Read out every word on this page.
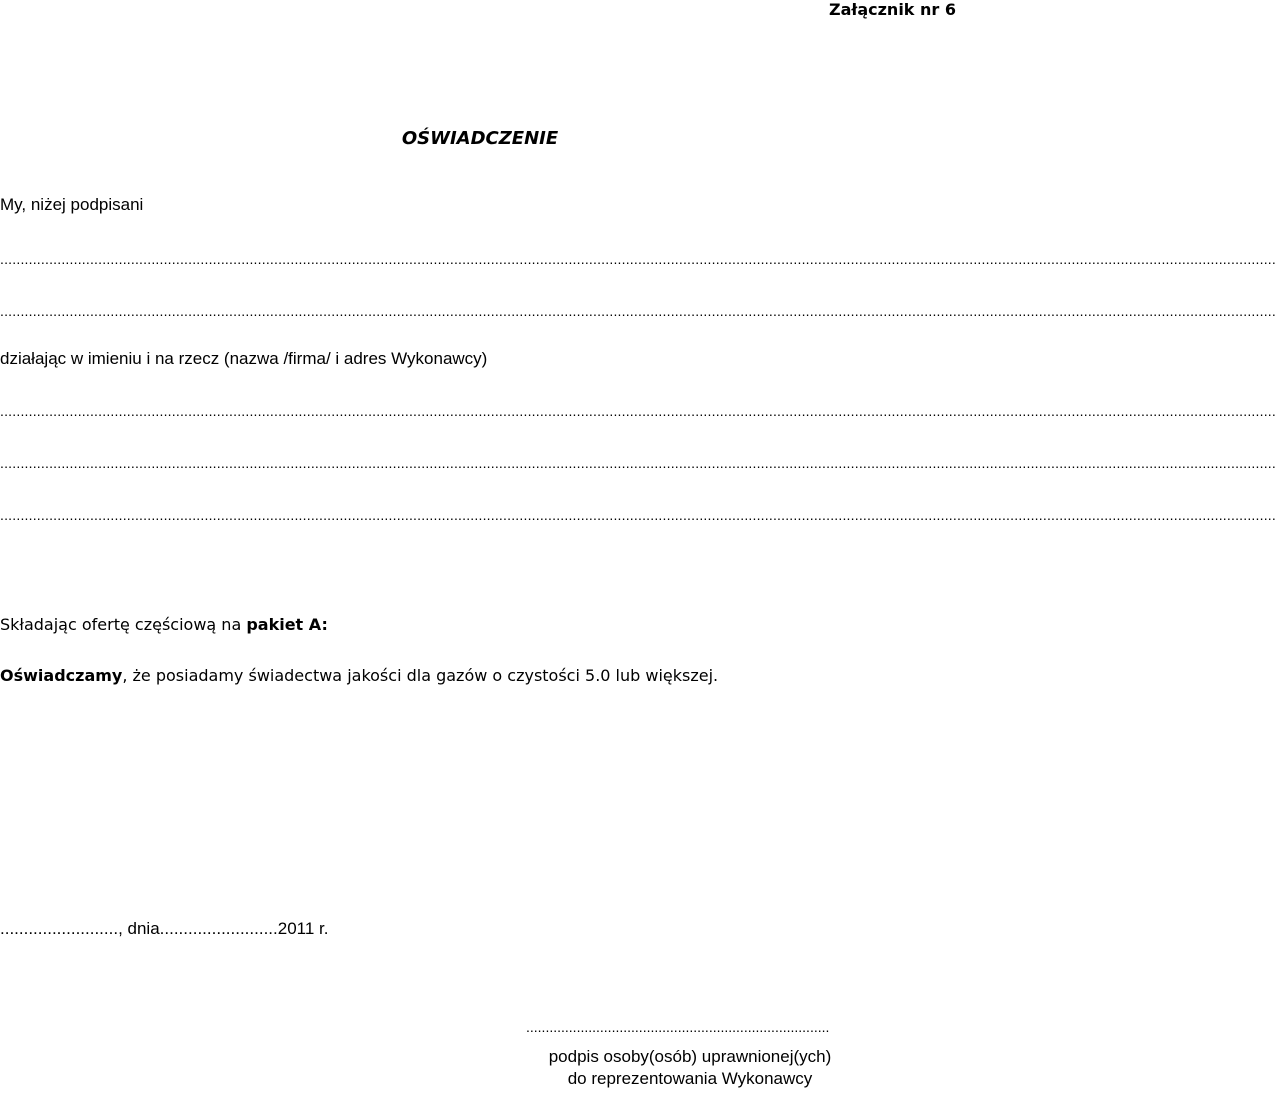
Załącznik nr 6
OŚWIADCZENIE
My, niżej podpisani
........................................................................................................................................................................................................................................................................................................................
........................................................................................................................................................................................................................................................................................................................
działając w imieniu i na rzecz (nazwa /firma/ i adres Wykonawcy)
........................................................................................................................................................................................................................................................................................................................
........................................................................................................................................................................................................................................................................................................................
........................................................................................................................................................................................................................................................................................................................
Składając ofertę częściową na pakiet A:
Oświadczamy, że posiadamy świadectwa jakości dla gazów o czystości 5.0 lub większej.
........................., dnia.........................2011 r.
..............................................................................
podpis osoby(osób) uprawnionej(ych)
do reprezentowania Wykonawcy
